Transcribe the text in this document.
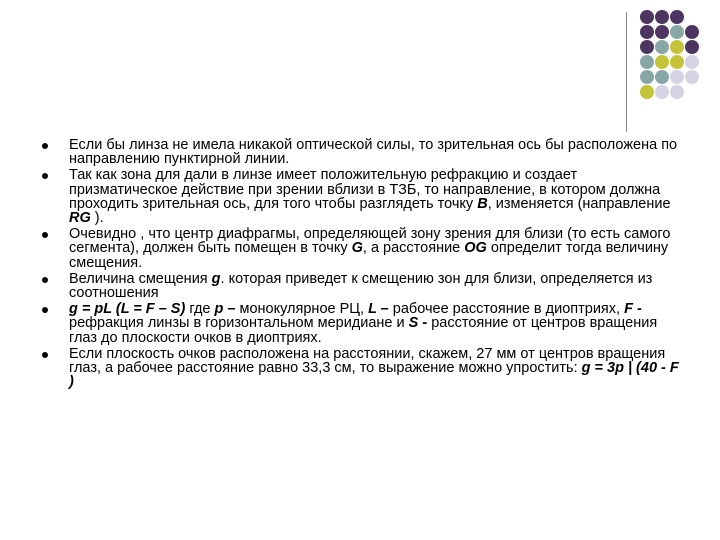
Если бы линза не имела никакой оптической силы, то зрительная ось бы расположена по направлению пунктирной линии.
Так как зона для дали в линзе имеет положительную рефракцию и создает призматическое действие при зрении вблизи в ТЗБ, то направление, в котором должна проходить зрительная ось, для того чтобы разглядеть точку B, изменяется (направление RG ).
Очевидно , что центр диафрагмы, определяющей зону зрения для близи (то есть самого сегмента), должен быть помещен в точку G, а расстояние OG определит тогда величину смещения.
Величина смещения g. которая приведет к смещению зон для близи, определяется из соотношения
g = pL (L = F – S) где p – монокулярное РЦ, L – рабочее расстояние в диоптриях, F - рефракция линзы в горизонтальном меридиане и S - расстояние от центров вращения глаз до плоскости очков в диоптриях.
Если плоскость очков расположена на расстоянии, скажем, 27 мм от центров вращения глаз, а рабочее расстояние равно 33,3 см, то выражение можно упростить: g = 3p | (40 - F )
